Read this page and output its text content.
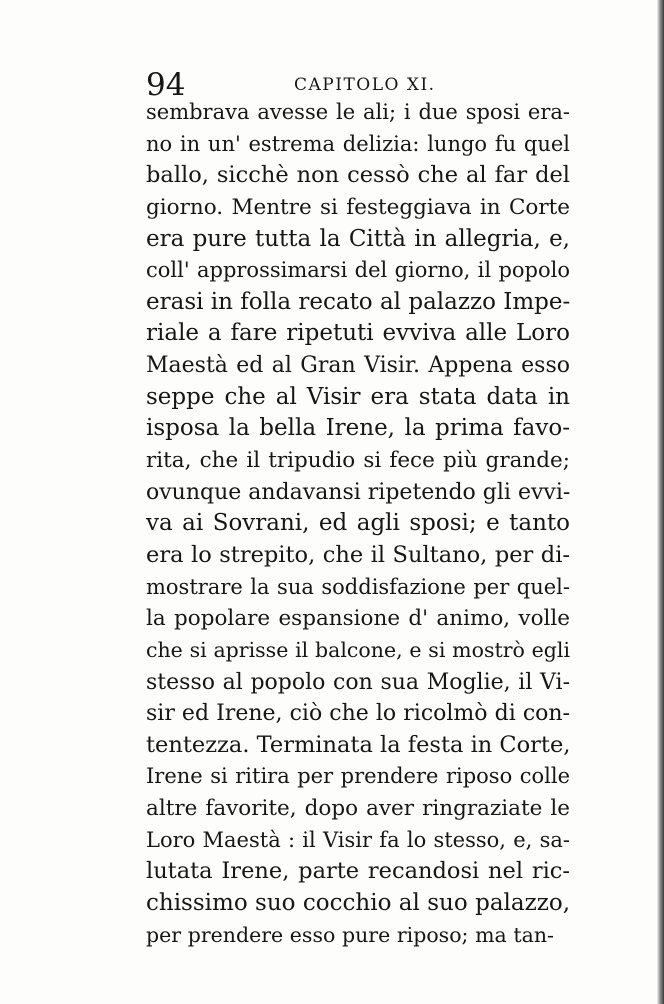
94	CAPITOLO XI.
sembrava avesse le ali; i due sposi era-
no in un' estrema delizia: lungo fu quel
ballo, sicchè non cessò che al far del
giorno. Mentre si festeggiava in Corte
era pure tutta la Città in allegria, e,
coll' approssimarsi del giorno, il popolo
erasi in folla recato al palazzo Impe-
riale a fare ripetuti evviva alle Loro
Maestà ed al Gran Visir. Appena esso
seppe che al Visir era stata data in
isposa la bella Irene, la prima favo-
rita, che il tripudio si fece più grande;
ovunque andavansi ripetendo gli evvi-
va ai Sovrani, ed agli sposi; e tanto
era lo strepito, che il Sultano, per di-
mostrare la sua soddisfazione per quel-
la popolare espansione d' animo, volle
che si aprisse il balcone, e si mostrò egli
stesso al popolo con sua Moglie, il Vi-
sir ed Irene, ciò che lo ricolmò di con-
tentezza. Terminata la festa in Corte,
Irene si ritira per prendere riposo colle
altre favorite, dopo aver ringraziate le
Loro Maestà : il Visir fa lo stesso, e, sa-
lutata Irene, parte recandosi nel ric-
chissimo suo cocchio al suo palazzo,
per prendere esso pure riposo; ma tan-
